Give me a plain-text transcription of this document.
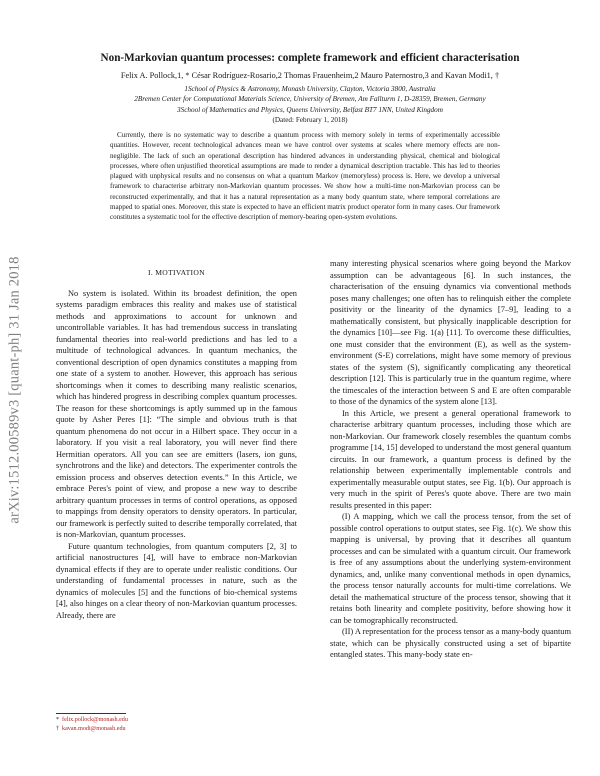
arXiv:1512.00589v3 [quant-ph] 31 Jan 2018
Non-Markovian quantum processes: complete framework and efficient characterisation
Felix A. Pollock,1, * César Rodríguez-Rosario,2 Thomas Frauenheim,2 Mauro Paternostro,3 and Kavan Modi1, †
1School of Physics & Astronomy, Monash University, Clayton, Victoria 3800, Australia
2Bremen Center for Computational Materials Science, University of Bremen, Am Fallturm 1, D-28359, Bremen, Germany
3School of Mathematics and Physics, Queens University, Belfast BT7 1NN, United Kingdom
(Dated: February 1, 2018)

Currently, there is no systematic way to describe a quantum process with memory solely in terms of experimentally accessible quantities. However, recent technological advances mean we have control over systems at scales where memory effects are non-negligible. The lack of such an operational description has hindered advances in understanding physical, chemical and biological processes, where often unjustified theoretical assumptions are made to render a dynamical description tractable. This has led to theories plagued with unphysical results and no consensus on what a quantum Markov (memoryless) process is. Here, we develop a universal framework to characterise arbitrary non-Markovian quantum processes. We show how a multi-time non-Markovian process can be reconstructed experimentally, and that it has a natural representation as a many body quantum state, where temporal correlations are mapped to spatial ones. Moreover, this state is expected to have an efficient matrix product operator form in many cases. Our framework constitutes a systematic tool for the effective description of memory-bearing open-system evolutions.

I. MOTIVATION

No system is isolated. Within its broadest definition, the open systems paradigm embraces this reality and makes use of statistical methods and approximations to account for unknown and uncontrollable variables. It has had tremendous success in translating fundamental theories into real-world predictions and has led to a multitude of technological advances. In quantum mechanics, the conventional description of open dynamics constitutes a mapping from one state of a system to another. However, this approach has serious shortcomings when it comes to describing many realistic scenarios, which has hindered progress in describing complex quantum processes. The reason for these shortcomings is aptly summed up in the famous quote by Asher Peres [1]: “The simple and obvious truth is that quantum phenomena do not occur in a Hilbert space. They occur in a laboratory. If you visit a real laboratory, you will never find there Hermitian operators. All you can see are emitters (lasers, ion guns, synchrotrons and the like) and detectors. The experimenter controls the emission process and observes detection events.” In this Article, we embrace Peres's point of view, and propose a new way to describe arbitrary quantum processes in terms of control operations, as opposed to mappings from density operators to density operators. In particular, our framework is perfectly suited to describe temporally correlated, that is non-Markovian, quantum processes.

Future quantum technologies, from quantum computers [2, 3] to artificial nanostructures [4], will have to embrace non-Markovian dynamical effects if they are to operate under realistic conditions. Our understanding of fundamental processes in nature, such as the dynamics of molecules [5] and the functions of bio-chemical systems [4], also hinges on a clear theory of non-Markovian quantum processes. Already, there are

many interesting physical scenarios where going beyond the Markov assumption can be advantageous [6]. In such instances, the characterisation of the ensuing dynamics via conventional methods poses many challenges; one often has to relinquish either the complete positivity or the linearity of the dynamics [7–9], leading to a mathematically consistent, but physically inapplicable description for the dynamics [10]—see Fig. 1(a) [11]. To overcome these difficulties, one must consider that the environment (E), as well as the system-environment (S-E) correlations, might have some memory of previous states of the system (S), significantly complicating any theoretical description [12]. This is particularly true in the quantum regime, where the timescales of the interaction between S and E are often comparable to those of the dynamics of the system alone [13].

In this Article, we present a general operational framework to characterise arbitrary quantum processes, including those which are non-Markovian. Our framework closely resembles the quantum combs programme [14, 15] developed to understand the most general quantum circuits. In our framework, a quantum process is defined by the relationship between experimentally implementable controls and experimentally measurable output states, see Fig. 1(b). Our approach is very much in the spirit of Peres's quote above. There are two main results presented in this paper:

(I) A mapping, which we call the process tensor, from the set of possible control operations to output states, see Fig. 1(c). We show this mapping is universal, by proving that it describes all quantum processes and can be simulated with a quantum circuit. Our framework is free of any assumptions about the underlying system-environment dynamics, and, unlike many conventional methods in open dynamics, the process tensor naturally accounts for multi-time correlations. We detail the mathematical structure of the process tensor, showing that it retains both linearity and complete positivity, before showing how it can be tomographically reconstructed.

(II) A representation for the process tensor as a many-body quantum state, which can be physically constructed using a set of bipartite entangled states. This many-body state en-

* felix.pollock@monash.edu
† kavan.modi@monash.edu
